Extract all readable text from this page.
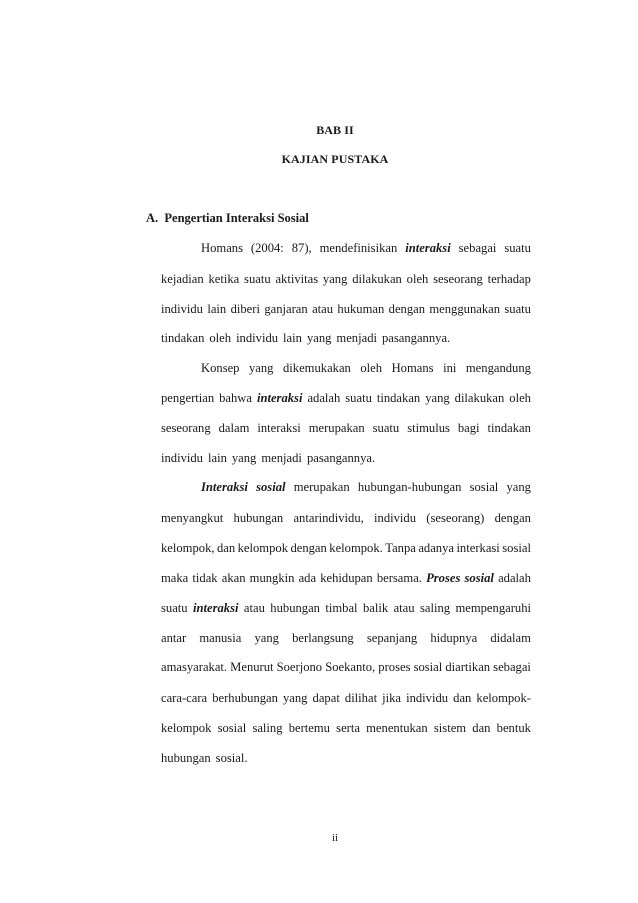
BAB II
KAJIAN PUSTAKA
A. Pengertian Interaksi Sosial
Homans (2004: 87), mendefinisikan interaksi sebagai suatu
kejadian ketika suatu aktivitas yang dilakukan oleh seseorang terhadap
individu lain diberi ganjaran atau hukuman dengan menggunakan suatu
tindakan oleh individu lain yang menjadi pasangannya.
Konsep yang dikemukakan oleh Homans ini mengandung
pengertian bahwa interaksi adalah suatu tindakan yang dilakukan oleh
seseorang dalam interaksi merupakan suatu stimulus bagi tindakan
individu lain yang menjadi pasangannya.
Interaksi sosial merupakan hubungan-hubungan sosial yang
menyangkut hubungan antarindividu, individu (seseorang) dengan
kelompok, dan kelompok dengan kelompok. Tanpa adanya interkasi sosial
maka tidak akan mungkin ada kehidupan bersama. Proses sosial adalah
suatu interaksi atau hubungan timbal balik atau saling mempengaruhi
antar manusia yang berlangsung sepanjang hidupnya didalam
amasyarakat. Menurut Soerjono Soekanto, proses sosial diartikan sebagai
cara-cara berhubungan yang dapat dilihat jika individu dan kelompok-
kelompok sosial saling bertemu serta menentukan sistem dan bentuk
hubungan sosial.
ii
